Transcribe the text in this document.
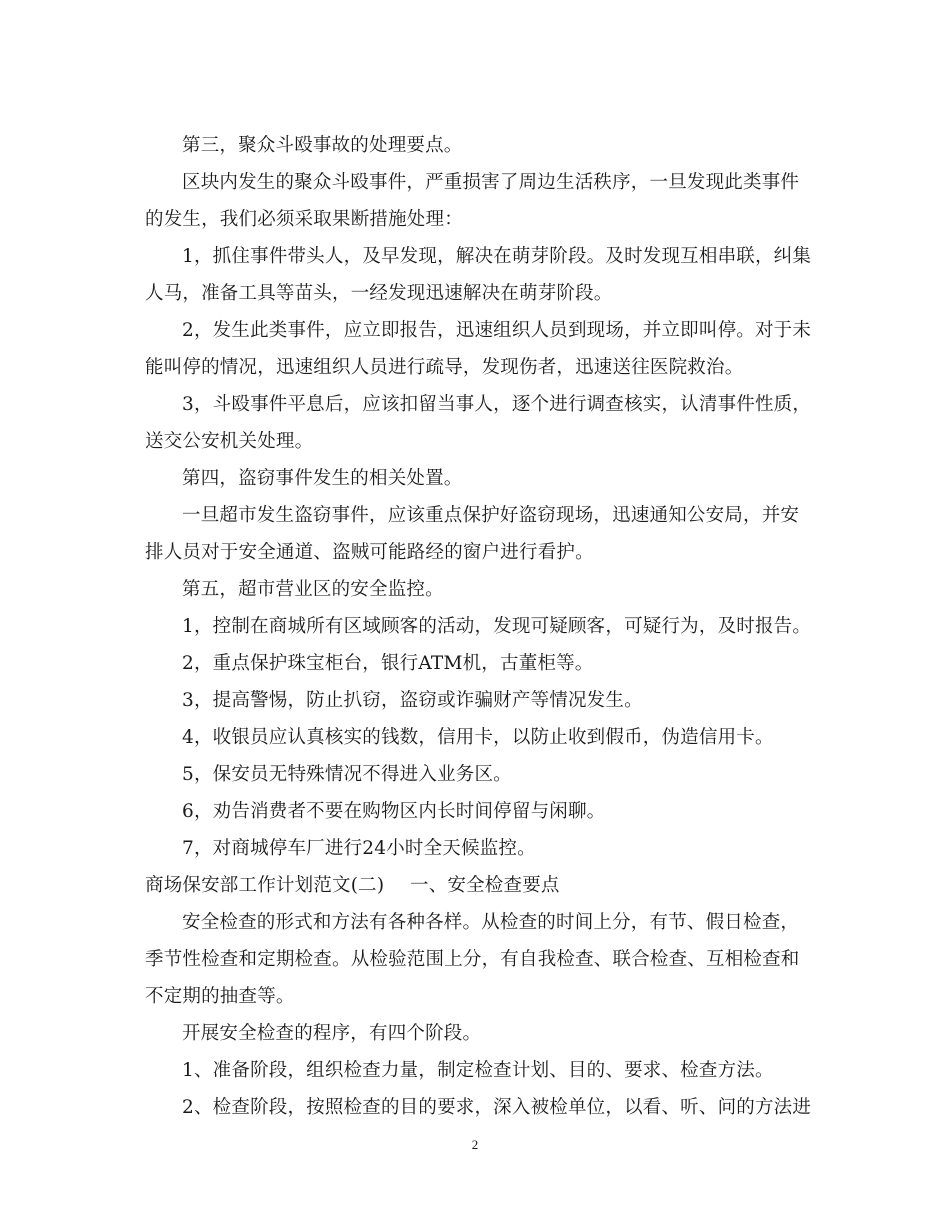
第三，聚众斗殴事故的处理要点。
区块内发生的聚众斗殴事件，严重损害了周边生活秩序，一旦发现此类事件
的发生，我们必须采取果断措施处理：
1，抓住事件带头人，及早发现，解决在萌芽阶段。及时发现互相串联，纠集
人马，准备工具等苗头，一经发现迅速解决在萌芽阶段。
2，发生此类事件，应立即报告，迅速组织人员到现场，并立即叫停。对于未
能叫停的情况，迅速组织人员进行疏导，发现伤者，迅速送往医院救治。
3，斗殴事件平息后，应该扣留当事人，逐个进行调查核实，认清事件性质，
送交公安机关处理。
第四，盗窃事件发生的相关处置。
一旦超市发生盗窃事件，应该重点保护好盗窃现场，迅速通知公安局，并安
排人员对于安全通道、盗贼可能路经的窗户进行看护。
第五，超市营业区的安全监控。
1，控制在商城所有区域顾客的活动，发现可疑顾客，可疑行为，及时报告。
2，重点保护珠宝柜台，银行ATM机，古董柜等。
3，提高警惕，防止扒窃，盗窃或诈骗财产等情况发生。
4，收银员应认真核实的钱数，信用卡，以防止收到假币，伪造信用卡。
5，保安员无特殊情况不得进入业务区。
6，劝告消费者不要在购物区内长时间停留与闲聊。
7，对商城停车厂进行24小时全天候监控。
商场保安部工作计划范文(二)	一、安全检查要点
安全检查的形式和方法有各种各样。从检查的时间上分，有节、假日检查，
季节性检查和定期检查。从检验范围上分，有自我检查、联合检查、互相检查和
不定期的抽查等。
开展安全检查的程序，有四个阶段。
1、准备阶段，组织检查力量，制定检查计划、目的、要求、检查方法。
2、检查阶段，按照检查的目的要求，深入被检单位，以看、听、问的方法进
2
